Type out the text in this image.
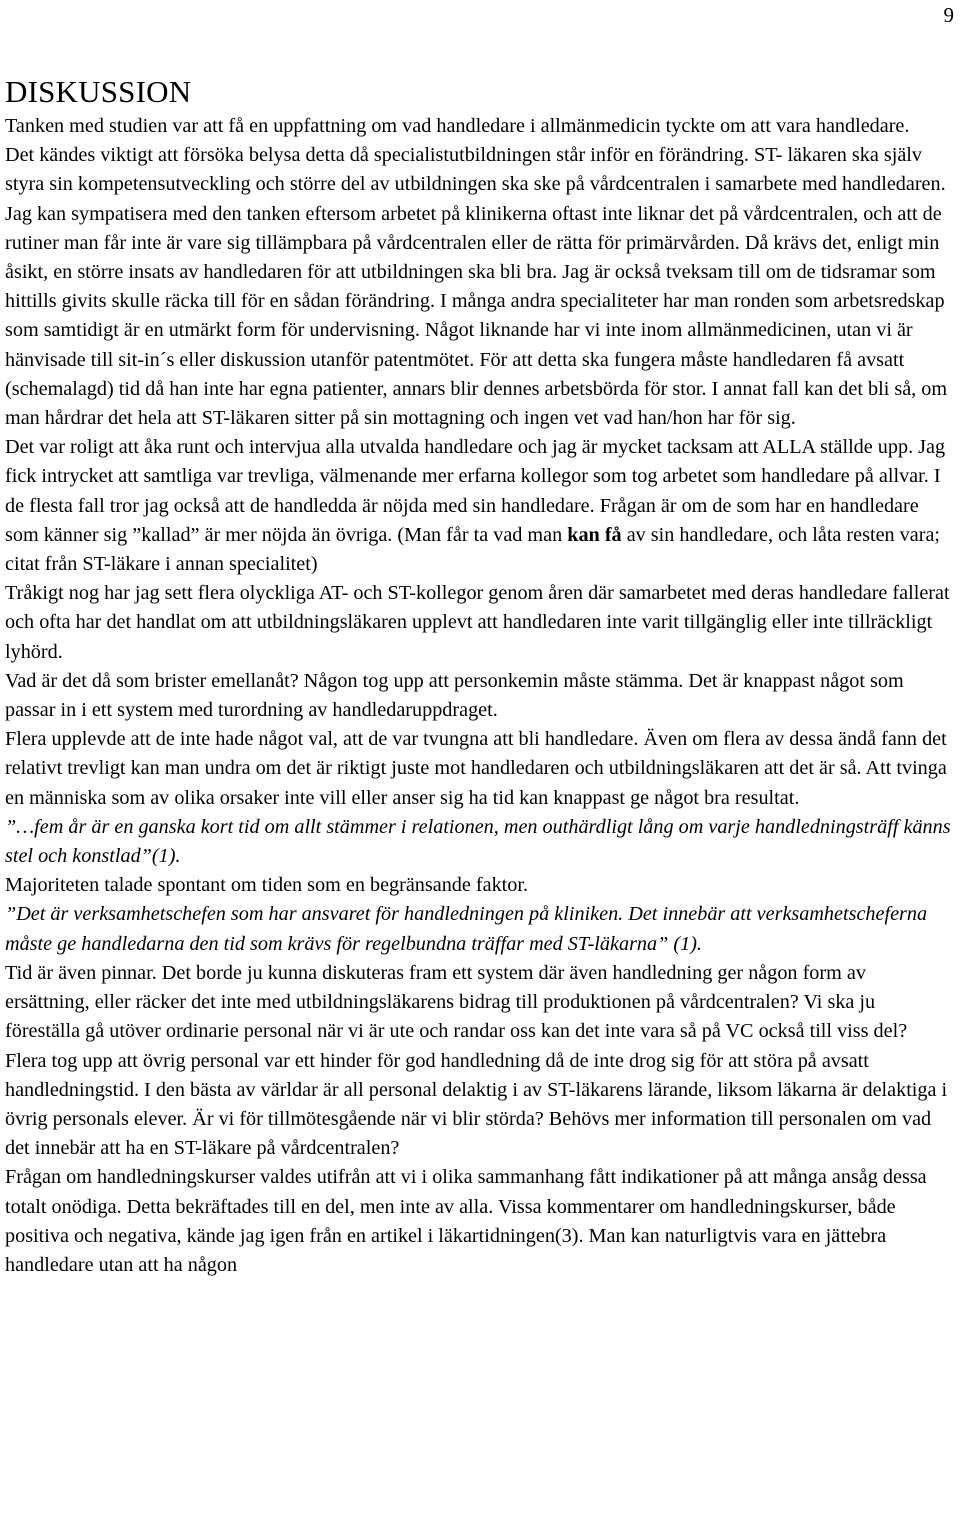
9
DISKUSSION

Tanken med studien var att få en uppfattning om vad handledare i allmänmedicin tyckte om att vara handledare.

Det kändes viktigt att försöka belysa detta då specialistutbildningen står inför en förändring. ST- läkaren ska själv styra sin kompetensutveckling och större del av utbildningen ska ske på vårdcentralen i samarbete med handledaren. Jag kan sympatisera med den tanken eftersom arbetet på klinikerna oftast inte liknar det på vårdcentralen, och att de rutiner man får inte är vare sig tillämpbara på vårdcentralen eller de rätta för primärvården. Då krävs det, enligt min åsikt, en större insats av handledaren för att utbildningen ska bli bra. Jag är också tveksam till om de tidsramar som hittills givits skulle räcka till för en sådan förändring. I många andra specialiteter har man ronden som arbetsredskap som samtidigt är en utmärkt form för undervisning. Något liknande har vi inte inom allmänmedicinen, utan vi är hänvisade till sit-in´s eller diskussion utanför patentmötet. För att detta ska fungera måste handledaren få avsatt (schemalagd) tid då han inte har egna patienter, annars blir dennes arbetsbörda för stor. I annat fall kan det bli så, om man hårdrar det hela att ST-läkaren sitter på sin mottagning och ingen vet vad han/hon har för sig.

Det var roligt att åka runt och intervjua alla utvalda handledare och jag är mycket tacksam att ALLA ställde upp. Jag fick intrycket att samtliga var trevliga, välmenande mer erfarna kollegor som tog arbetet som handledare på allvar. I de flesta fall tror jag också att de handledda är nöjda med sin handledare. Frågan är om de som har en handledare som känner sig ”kallad” är mer nöjda än övriga. (Man får ta vad man kan få av sin handledare, och låta resten vara; citat från ST-läkare i annan specialitet)

Tråkigt nog har jag sett flera olyckliga AT- och ST-kollegor genom åren där samarbetet med deras handledare fallerat och ofta har det handlat om att utbildningsläkaren upplevt att handledaren inte varit tillgänglig eller inte tillräckligt lyhörd.

Vad är det då som brister emellanåt? Någon tog upp att personkemin måste stämma. Det är knappast något som passar in i ett system med turordning av handledaruppdraget.

Flera upplevde att de inte hade något val, att de var tvungna att bli handledare. Även om flera av dessa ändå fann det relativt trevligt kan man undra om det är riktigt juste mot handledaren och utbildningsläkaren att det är så. Att tvinga en människa som av olika orsaker inte vill eller anser sig ha tid kan knappast ge något bra resultat.

”…fem år är en ganska kort tid om allt stämmer i relationen, men outhärdligt lång om varje handledningsträff känns stel och konstlad”(1).

Majoriteten talade spontant om tiden som en begränsande faktor.

”Det är verksamhetschefen som har ansvaret för handledningen på kliniken. Det innebär att verksamhetscheferna måste ge handledarna den tid som krävs för regelbundna träffar med ST-läkarna” (1).

Tid är även pinnar. Det borde ju kunna diskuteras fram ett system där även handledning ger någon form av ersättning, eller räcker det inte med utbildningsläkarens bidrag till produktionen på vårdcentralen? Vi ska ju föreställa gå utöver ordinarie personal när vi är ute och randar oss kan det inte vara så på VC också till viss del?

Flera tog upp att övrig personal var ett hinder för god handledning då de inte drog sig för att störa på avsatt handledningstid. I den bästa av världar är all personal delaktig i av ST-läkarens lärande, liksom läkarna är delaktiga i övrig personals elever. Är vi för tillmötesgående när vi blir störda? Behövs mer information till personalen om vad det innebär att ha en ST-läkare på vårdcentralen?

Frågan om handledningskurser valdes utifrån att vi i olika sammanhang fått indikationer på att många ansåg dessa totalt onödiga. Detta bekräftades till en del, men inte av alla. Vissa kommentarer om handledningskurser, både positiva och negativa, kände jag igen från en artikel i läkartidningen(3). Man kan naturligtvis vara en jättebra handledare utan att ha någon
